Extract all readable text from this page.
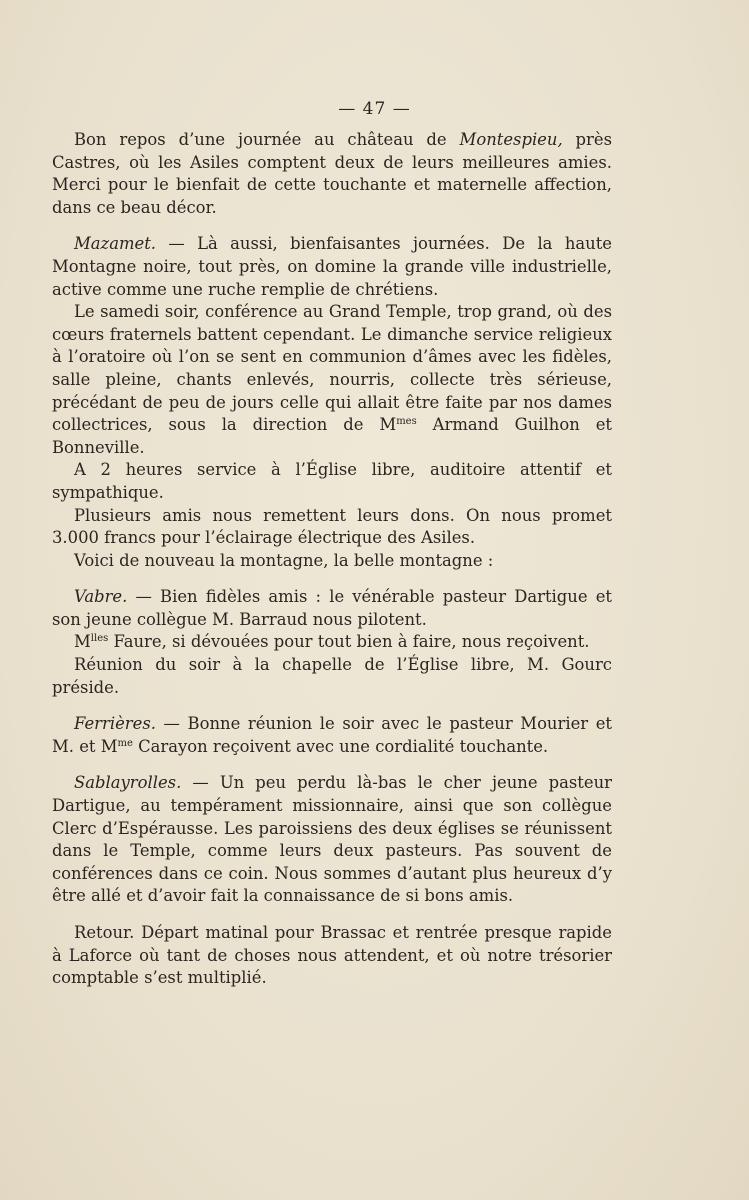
— 47 —

Bon repos d’une journée au château de Montespieu, près Castres, où les Asiles comptent deux de leurs meilleures amies. Merci pour le bienfait de cette touchante et maternelle affection, dans ce beau décor.

Mazamet. — Là aussi, bienfaisantes journées. De la haute Montagne noire, tout près, on domine la grande ville industrielle, active comme une ruche remplie de chrétiens.

Le samedi soir, conférence au Grand Temple, trop grand, où des cœurs fraternels battent cependant. Le dimanche service religieux à l’oratoire où l’on se sent en communion d’âmes avec les fidèles, salle pleine, chants enlevés, nourris, collecte très sérieuse, précédant de peu de jours celle qui allait être faite par nos dames collectrices, sous la direction de $M^{mes}$ Armand Guilhon et Bonneville.

A 2 heures service à l’Église libre, auditoire attentif et sympathique.

Plusieurs amis nous remettent leurs dons. On nous promet 3.000 francs pour l’éclairage électrique des Asiles.

Voici de nouveau la montagne, la belle montagne :

Vabre. — Bien fidèles amis : le vénérable pasteur Dartigue et son jeune collègue M. Barraud nous pilotent.

$M^{lles}$ Faure, si dévouées pour tout bien à faire, nous reçoivent.

Réunion du soir à la chapelle de l’Église libre, M. Gourc préside.

Ferrières. — Bonne réunion le soir avec le pasteur Mourier et M. et $M^{me}$ Carayon reçoivent avec une cordialité touchante.

Sablayrolles. — Un peu perdu là-bas le cher jeune pasteur Dartigue, au tempérament missionnaire, ainsi que son collègue Clerc d’Espérausse. Les paroissiens des deux églises se réunissent dans le Temple, comme leurs deux pasteurs. Pas souvent de conférences dans ce coin. Nous sommes d’autant plus heureux d’y être allé et d’avoir fait la connaissance de si bons amis.

Retour. Départ matinal pour Brassac et rentrée presque rapide à Laforce où tant de choses nous attendent, et où notre trésorier comptable s’est multiplié.
